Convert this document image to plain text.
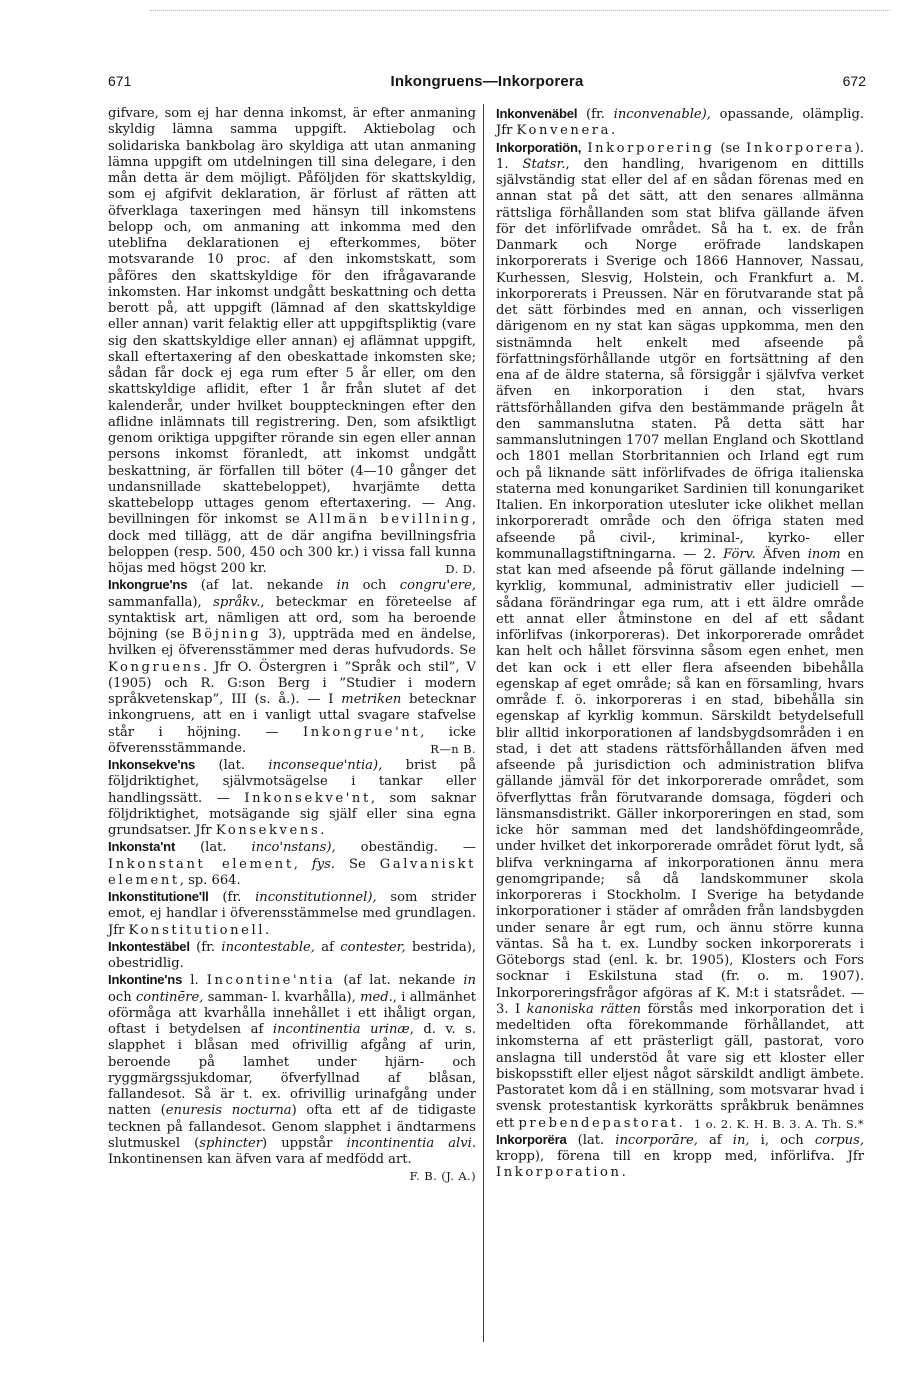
671	Inkongruens—Inkorporera	672

gifvare, som ej har denna inkomst, är efter anmaning skyldig lämna samma uppgift. Aktiebolag och solidariska bankbolag äro skyldiga att utan anmaning lämna uppgift om utdelningen till sina delegare, i den mån detta är dem möjligt. Påföljden för skattskyldig, som ej afgifvit deklaration, är förlust af rätten att öfverklaga taxeringen med hänsyn till inkomstens belopp och, om anmaning att inkomma med den uteblifna deklarationen ej efterkommes, böter motsvarande 10 proc. af den inkomstskatt, som påföres den skattskyldige för den ifrågavarande inkomsten. Har inkomst undgått beskattning och detta berott på, att uppgift (lämnad af den skattskyldige eller annan) varit felaktig eller att uppgiftspliktig (vare sig den skattskyldige eller annan) ej aflämnat uppgift, skall eftertaxering af den obeskattade inkomsten ske; sådan får dock ej ega rum efter 5 år eller, om den skattskyldige aflidit, efter 1 år från slutet af det kalenderår, under hvilket bouppteckningen efter den aflidne inlämnats till registrering. Den, som afsiktligt genom oriktiga uppgifter rörande sin egen eller annan persons inkomst föranledt, att inkomst undgått beskattning, är förfallen till böter (4—10 gånger det undansnillade skattebeloppet), hvarjämte detta skattebelopp uttages genom eftertaxering. — Ang. bevillningen för inkomst se Allmän bevillning, dock med tillägg, att de där angifna bevillningsfria beloppen (resp. 500, 450 och 300 kr.) i vissa fall kunna höjas med högst 200 kr.	D. D.

Inkongrue'ns (af lat. nekande in och congru'ere, sammanfalla), språkv., beteckmar en företeelse af syntaktisk art, nämligen att ord, som ha beroende böjning (se Böjning 3), uppträda med en ändelse, hvilken ej öfverensstämmer med deras hufvudords. Se Kongruens. Jfr O. Östergren i ”Språk och stil”, V (1905) och R. G:son Berg i ”Studier i modern språkvetenskap”, III (s. å.). — I metriken betecknar inkongruens, att en i vanligt uttal svagare stafvelse står i höjning. — Inkongrue'nt, icke öfverensstämmande.	R—n B.

Inkonsekve'ns (lat. inconseque'ntia), brist på följdriktighet, självmotsägelse i tankar eller handlingssätt. — Inkonsekve'nt, som saknar följdriktighet, motsägande sig själf eller sina egna grundsatser. Jfr Konsekvens.

Inkonsta'nt (lat. inco'nstans), obeständig. — Inkonstant element, fys. Se Galvaniskt element, sp. 664.

Inkonstitutione'll (fr. inconstitutionnel), som strider emot, ej handlar i öfverensstämmelse med grundlagen. Jfr Konstitutionell.

Inkontestäbel (fr. incontestable, af contester, bestrida), obestridlig.

Inkontine'ns l. Incontine'ntia (af lat. nekande in och continēre, samman- l. kvarhålla), med., i allmänhet oförmåga att kvarhålla innehållet i ett ihåligt organ, oftast i betydelsen af incontinentia urinæ, d. v. s. slapphet i blåsan med ofrivillig afgång af urin, beroende på lamhet under hjärn- och ryggmärgssjukdomar, öfverfyllnad af blåsan, fallandesot. Så är t. ex. ofrivillig urinafgång under natten (enuresis nocturna) ofta ett af de tidigaste tecknen på fallandesot. Genom slapphet i ändtarmens slutmuskel (sphincter) uppstår incontinentia alvi. Inkontinensen kan äfven vara af medfödd art.
F. B. (J. A.)

Inkonvenäbel (fr. inconvenable), opassande, olämplig. Jfr Konvenera.

Inkorporatiön, Inkorporering (se Inkorporera). 1. Statsr., den handling, hvarigenom en dittills självständig stat eller del af en sådan förenas med en annan stat på det sätt, att den senares allmänna rättsliga förhållanden som stat blifva gällande äfven för det införlifvade området. Så ha t. ex. de från Danmark och Norge eröfrade landskapen inkorporerats i Sverige och 1866 Hannover, Nassau, Kurhessen, Slesvig, Holstein, och Frankfurt a. M. inkorporerats i Preussen. När en förutvarande stat på det sätt förbindes med en annan, och visserligen därigenom en ny stat kan sägas uppkomma, men den sistnämnda helt enkelt med afseende på författningsförhållande utgör en fortsättning af den ena af de äldre staterna, så försiggår i självfva verket äfven en inkorporation i den stat, hvars rättsförhållanden gifva den bestämmande prägeln åt den sammanslutna staten. På detta sätt har sammanslutningen 1707 mellan England och Skottland och 1801 mellan Storbritannien och Irland egt rum och på liknande sätt införlifvades de öfriga italienska staterna med konungariket Sardinien till konungariket Italien. En inkorporation utesluter icke olikhet mellan inkorporeradt område och den öfriga staten med afseende på civil-, kriminal-, kyrko- eller kommunallagstiftningarna. — 2. Förv. Äfven inom en stat kan med afseende på förut gällande indelning — kyrklig, kommunal, administrativ eller judiciell — sådana förändringar ega rum, att i ett äldre område ett annat eller åtminstone en del af ett sådant införlifvas (inkorporeras). Det inkorporerade området kan helt och hållet försvinna såsom egen enhet, men det kan ock i ett eller flera afseenden bibehålla egenskap af eget område; så kan en församling, hvars område f. ö. inkorporeras i en stad, bibehålla sin egenskap af kyrklig kommun. Särskildt betydelsefull blir alltid inkorporationen af landsbygdsområden i en stad, i det att stadens rättsförhållanden äfven med afseende på jurisdiction och administration blifva gällande jämväl för det inkorporerade området, som öfverflyttas från förutvarande domsaga, fögderi och länsmansdistrikt. Gäller inkorporeringen en stad, som icke hör samman med det landshöfdingeområde, under hvilket det inkorporerade området förut lydt, så blifva verkningarna af inkorporationen ännu mera genomgripande; så då landskommuner skola inkorporeras i Stockholm. I Sverige ha betydande inkorporationer i städer af områden från landsbygden under senare år egt rum, och ännu större kunna väntas. Så ha t. ex. Lundby socken inkorporerats i Göteborgs stad (enl. k. br. 1905), Klosters och Fors socknar i Eskilstuna stad (fr. o. m. 1907). Inkorporeringsfrågor afgöras af K. M:t i statsrådet. — 3. I kanoniska rätten förstås med inkorporation det i medeltiden ofta förekommande förhållandet, att inkomsterna af ett prästerligt gäll, pastorat, voro anslagna till understöd åt vare sig ett kloster eller biskopsstift eller eljest något särskildt andligt ämbete. Pastoratet kom då i en ställning, som motsvarar hvad i svensk protestantisk kyrkorätts språkbruk benämnes ett prebendepastorat. 1 o. 2. K. H. B. 3. A. Th. S.*

Inkorporëra (lat. incorporāre, af in, i, och corpus, kropp), förena till en kropp med, införlifva. Jfr Inkorporation.
